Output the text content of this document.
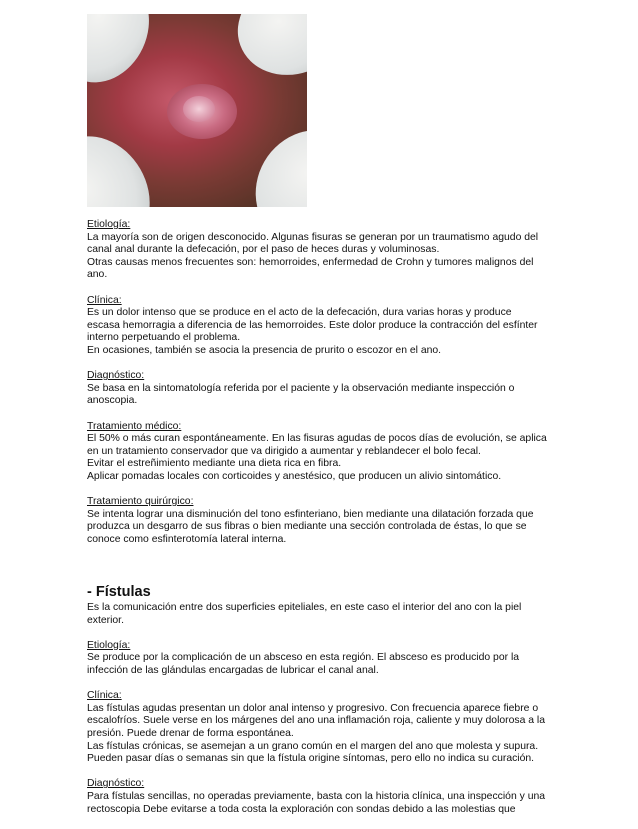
Etiología:
La mayoría son de origen desconocido. Algunas fisuras se generan por un traumatismo agudo del canal anal durante la defecación, por el paso de heces duras y voluminosas.
Otras causas menos frecuentes son: hemorroides, enfermedad de Crohn y tumores malignos del ano.

Clínica:
Es un dolor intenso que se produce en el acto de la defecación, dura varias horas y produce escasa hemorragia a diferencia de las hemorroides. Este dolor produce la contracción del esfínter interno perpetuando el problema.
En ocasiones, también se asocia la presencia de prurito o escozor en el ano.

Diagnóstico:
Se basa en la sintomatología referida por el paciente y la observación mediante inspección o anoscopia.

Tratamiento médico:
El 50% o más curan espontáneamente. En las fisuras agudas de pocos días de evolución, se aplica en un tratamiento conservador que va dirigido a aumentar y reblandecer el bolo fecal.
Evitar el estreñimiento mediante una dieta rica en fibra.
Aplicar pomadas locales con corticoides y anestésico, que producen un alivio sintomático.

Tratamiento quirúrgico:
Se intenta lograr una disminución del tono esfinteriano, bien mediante una dilatación forzada que produzca un desgarro de sus fibras o bien mediante una sección controlada de éstas, lo que se conoce como esfinterotomía lateral interna.

- Fístulas

Es la comunicación entre dos superficies epiteliales, en este caso el interior del ano con la piel exterior.

Etiología:
Se produce por la complicación de un absceso en esta región. El absceso es producido por la infección de las glándulas encargadas de lubricar el canal anal.

Clínica:
Las fístulas agudas presentan un dolor anal intenso y progresivo. Con frecuencia aparece fiebre o escalofríos. Suele verse en los márgenes del ano una inflamación roja, caliente y muy dolorosa a la presión. Puede drenar de forma espontánea.
Las fístulas crónicas, se asemejan a un grano común en el margen del ano que molesta y supura. Pueden pasar días o semanas sin que la fístula origine síntomas, pero ello no indica su curación.

Diagnóstico:
Para fístulas sencillas, no operadas previamente, basta con la historia clínica, una inspección y una rectoscopia Debe evitarse a toda costa la exploración con sondas debido a las molestias que
